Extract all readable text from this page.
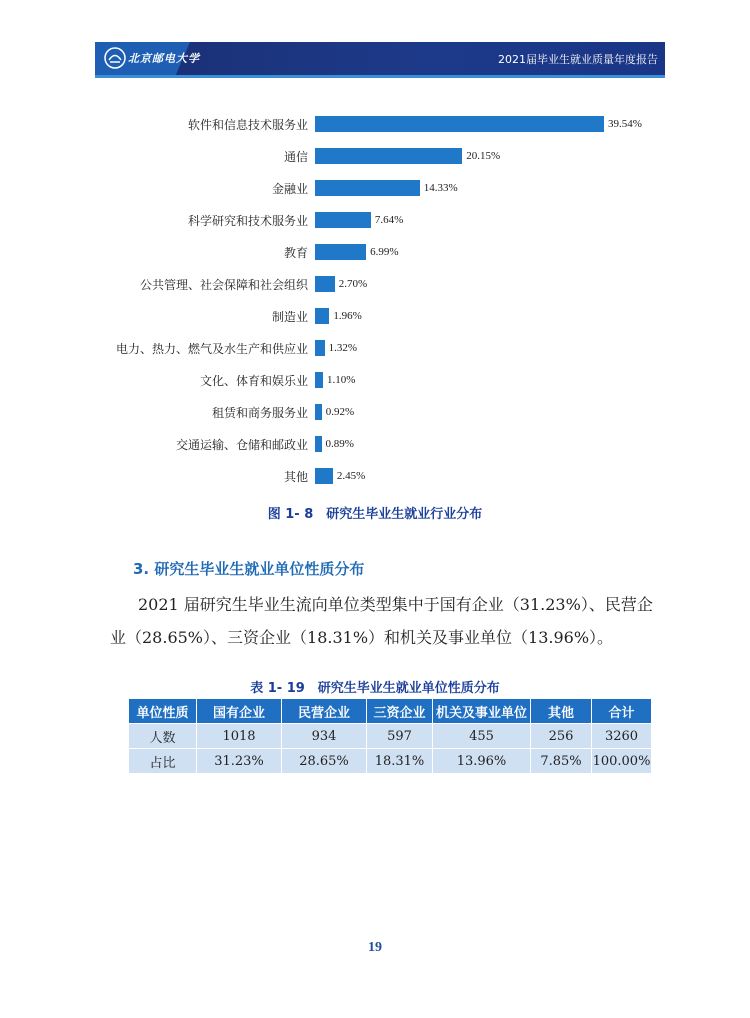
北京邮电大学	2021届毕业生就业质量年度报告
软件和信息技术服务业	39.54%
通信	20.15%
金融业	14.33%
科学研究和技术服务业	7.64%
教育	6.99%
公共管理、社会保障和社会组织	2.70%
制造业 1.96%
电力、热力、燃气及水生产和供应业 1.32%
文化、体育和娱乐业 1.10%
租赁和商务服务业 0.92%
交通运输、仓储和邮政业 0.89%
其他	2.45%
图 1- 8　研究生毕业生就业行业分布
3. 研究生毕业生就业单位性质分布
2021 届研究生毕业生流向单位类型集中于国有企业（31.23%）、民营企业（28.65%）、三资企业（18.31%）和机关及事业单位（13.96%）。
表 1- 19　研究生毕业生就业单位性质分布
单位性质	国有企业	民营企业	三资企业	机关及事业单位	其他	合计
人数	1018	934	597	455	256	3260
占比	31.23%	28.65%	18.31%	13.96%	7.85%	100.00%
19
